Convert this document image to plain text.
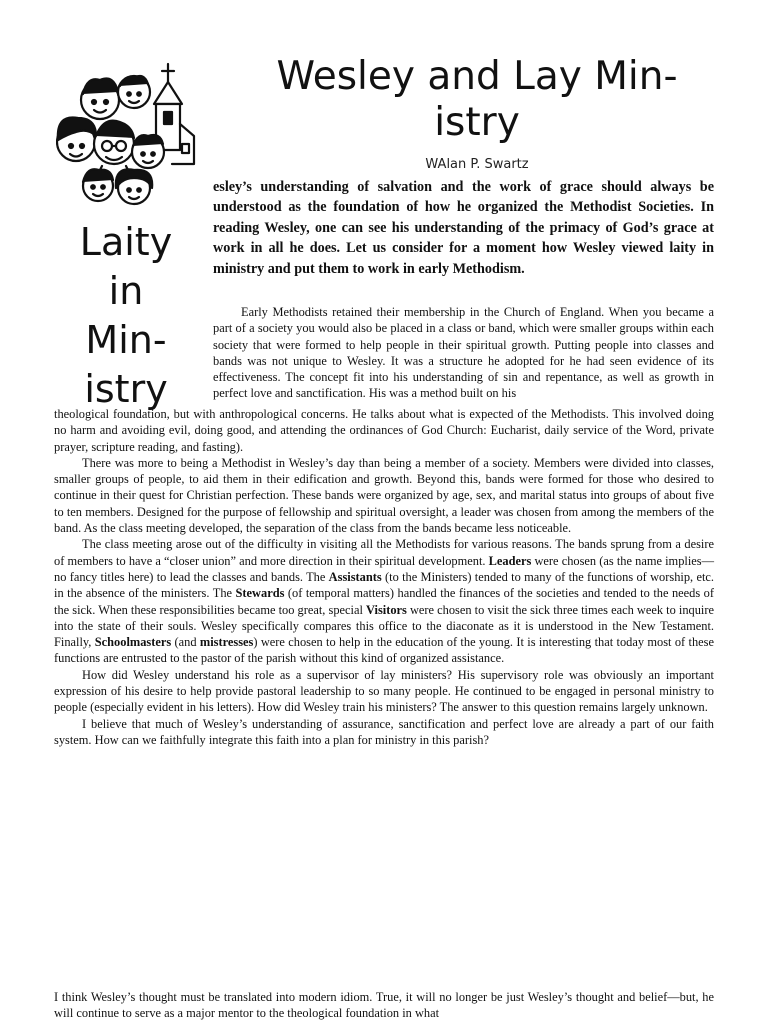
Wesley and Lay Min-
istry
WAlan P. Swartz
Laity
in
Min-
istry

esley’s understanding of salvation and the work of grace should always be understood as the foundation of how he organized the Methodist Societies. In reading Wesley, one can see his understanding of the primacy of God’s grace at work in all he does. Let us consider for a moment how Wesley viewed laity in ministry and put them to work in early Methodism.

Early Methodists retained their membership in the Church of England. When you became a part of a society you would also be placed in a class or band, which were smaller groups within each society that were formed to help people in their spiritual growth. Putting people into classes and bands was not unique to Wesley. It was a structure he adopted for he had seen evidence of its effectiveness. The concept fit into his understanding of sin and repentance, as well as growth in perfect love and sanctification. His was a method built on his

theological foundation, but with anthropological concerns. He talks about what is expected of the Methodists. This involved doing no harm and avoiding evil, doing good, and attending the ordinances of God Church: Eucharist, daily service of the Word, private prayer, scripture reading, and fasting).

There was more to being a Methodist in Wesley’s day than being a member of a society. Members were divided into classes, smaller groups of people, to aid them in their edification and growth. Beyond this, bands were formed for those who desired to continue in their quest for Christian perfection. These bands were organized by age, sex, and marital status into groups of about five to ten members. Designed for the purpose of fellowship and spiritual oversight, a leader was chosen from among the members of the band. As the class meeting developed, the separation of the class from the bands became less noticeable.

The class meeting arose out of the difficulty in visiting all the Methodists for various reasons. The bands sprung from a desire of members to have a “closer union” and more direction in their spiritual development. Leaders were chosen (as the name implies—no fancy titles here) to lead the classes and bands. The Assistants (to the Ministers) tended to many of the functions of worship, etc. in the absence of the ministers. The Stewards (of temporal matters) handled the finances of the societies and tended to the needs of the sick. When these responsibilities became too great, special Visitors were chosen to visit the sick three times each week to inquire into the state of their souls. Wesley specifically compares this office to the diaconate as it is understood in the New Testament. Finally, Schoolmasters (and mistresses) were chosen to help in the education of the young. It is interesting that today most of these functions are entrusted to the pastor of the parish without this kind of organized assistance.

How did Wesley understand his role as a supervisor of lay ministers? His supervisory role was obviously an important expression of his desire to help provide pastoral leadership to so many people. He continued to be engaged in personal ministry to people (especially evident in his letters). How did Wesley train his ministers? The answer to this question remains largely unknown.

I believe that much of Wesley’s understanding of assurance, sanctification and perfect love are already a part of our faith system. How can we faithfully integrate this faith into a plan for ministry in this parish?

I think Wesley’s thought must be translated into modern idiom. True, it will no longer be just Wesley’s thought and belief—but, he will continue to serve as a major mentor to the theological foundation in what
